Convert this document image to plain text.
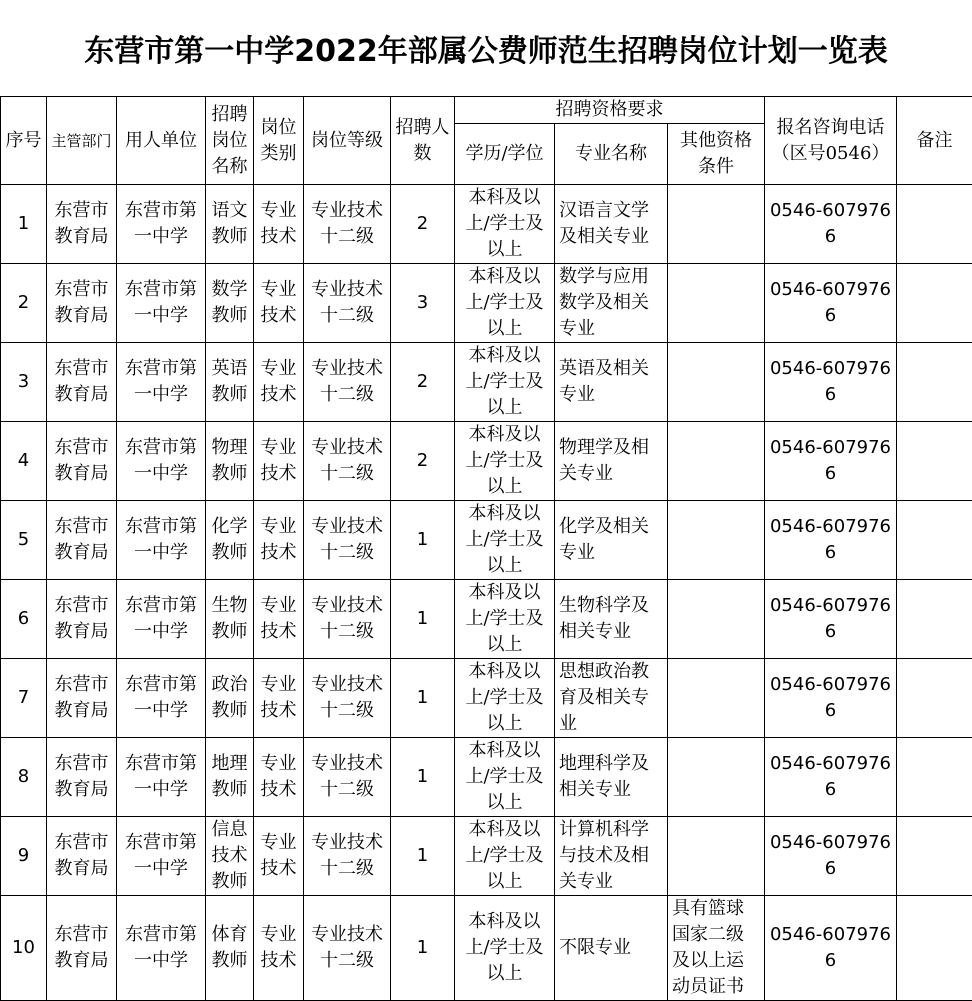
东营市第一中学2022年部属公费师范生招聘岗位计划一览表
序号	主管部门	用人单位	招聘岗位名称	岗位类别	岗位等级	招聘人数	招聘资格要求			报名咨询电话（区号0546）	备注
							学历/学位	专业名称	其他资格条件		
1	东营市教育局	东营市第一中学	语文教师	专业技术	专业技术十二级	2	本科及以上/学士及以上	汉语言文学及相关专业		0546-6079766	
2	东营市教育局	东营市第一中学	数学教师	专业技术	专业技术十二级	3	本科及以上/学士及以上	数学与应用数学及相关专业		0546-6079766	
3	东营市教育局	东营市第一中学	英语教师	专业技术	专业技术十二级	2	本科及以上/学士及以上	英语及相关专业		0546-6079766	
4	东营市教育局	东营市第一中学	物理教师	专业技术	专业技术十二级	2	本科及以上/学士及以上	物理学及相关专业		0546-6079766	
5	东营市教育局	东营市第一中学	化学教师	专业技术	专业技术十二级	1	本科及以上/学士及以上	化学及相关专业		0546-6079766	
6	东营市教育局	东营市第一中学	生物教师	专业技术	专业技术十二级	1	本科及以上/学士及以上	生物科学及相关专业		0546-6079766	
7	东营市教育局	东营市第一中学	政治教师	专业技术	专业技术十二级	1	本科及以上/学士及以上	思想政治教育及相关专业		0546-6079766	
8	东营市教育局	东营市第一中学	地理教师	专业技术	专业技术十二级	1	本科及以上/学士及以上	地理科学及相关专业		0546-6079766	
9	东营市教育局	东营市第一中学	信息技术教师	专业技术	专业技术十二级	1	本科及以上/学士及以上	计算机科学与技术及相关专业		0546-6079766	
10	东营市教育局	东营市第一中学	体育教师	专业技术	专业技术十二级	1	本科及以上/学士及以上	不限专业	具有篮球国家二级及以上运动员证书	0546-6079766	
